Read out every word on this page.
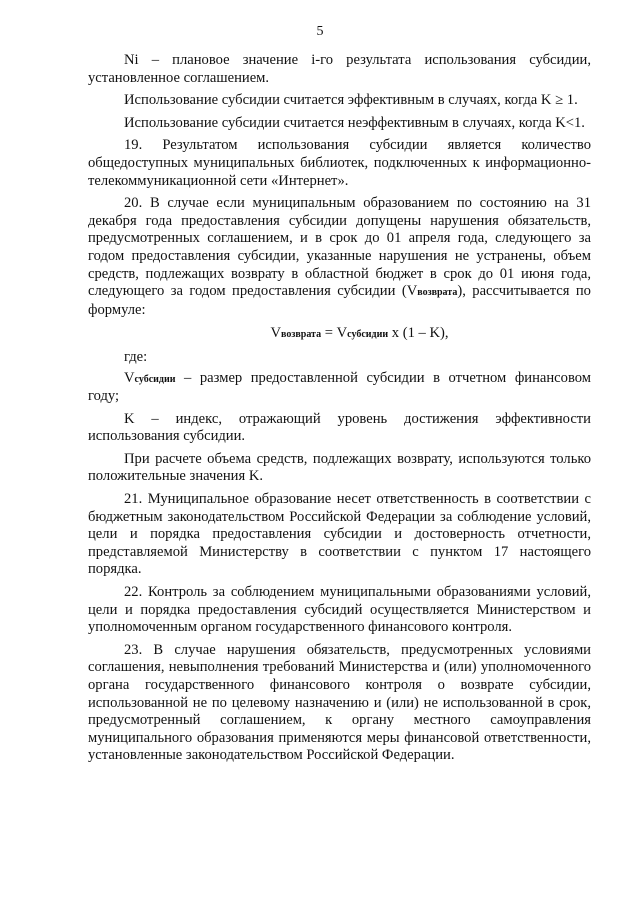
5

Ni – плановое значение i-го результата использования субсидии, установленное соглашением.

Использование субсидии считается эффективным в случаях, когда K ≥ 1.

Использование субсидии считается неэффективным в случаях, когда K<1.

19. Результатом использования субсидии является количество общедоступных муниципальных библиотек, подключенных к информационно-телекоммуникационной сети «Интернет».

20. В случае если муниципальным образованием по состоянию на 31 декабря года предоставления субсидии допущены нарушения обязательств, предусмотренных соглашением, и в срок до 01 апреля года, следующего за годом предоставления субсидии, указанные нарушения не устранены, объем средств, подлежащих возврату в областной бюджет в срок до 01 июня года, следующего за годом предоставления субсидии (Vвозврата), рассчитывается по формуле:

Vвозврата = Vсубсидии x (1 – K),

где:

Vсубсидии – размер предоставленной субсидии в отчетном финансовом году;

K – индекс, отражающий уровень достижения эффективности использования субсидии.

При расчете объема средств, подлежащих возврату, используются только положительные значения K.

21. Муниципальное образование несет ответственность в соответствии с бюджетным законодательством Российской Федерации за соблюдение условий, цели и порядка предоставления субсидии и достоверность отчетности, представляемой Министерству в соответствии с пунктом 17 настоящего порядка.

22. Контроль за соблюдением муниципальными образованиями условий, цели и порядка предоставления субсидий осуществляется Министерством и уполномоченным органом государственного финансового контроля.

23. В случае нарушения обязательств, предусмотренных условиями соглашения, невыполнения требований Министерства и (или) уполномоченного органа государственного финансового контроля о возврате субсидии, использованной не по целевому назначению и (или) не использованной в срок, предусмотренный соглашением, к органу местного самоуправления муниципального образования применяются меры финансовой ответственности, установленные законодательством Российской Федерации.
